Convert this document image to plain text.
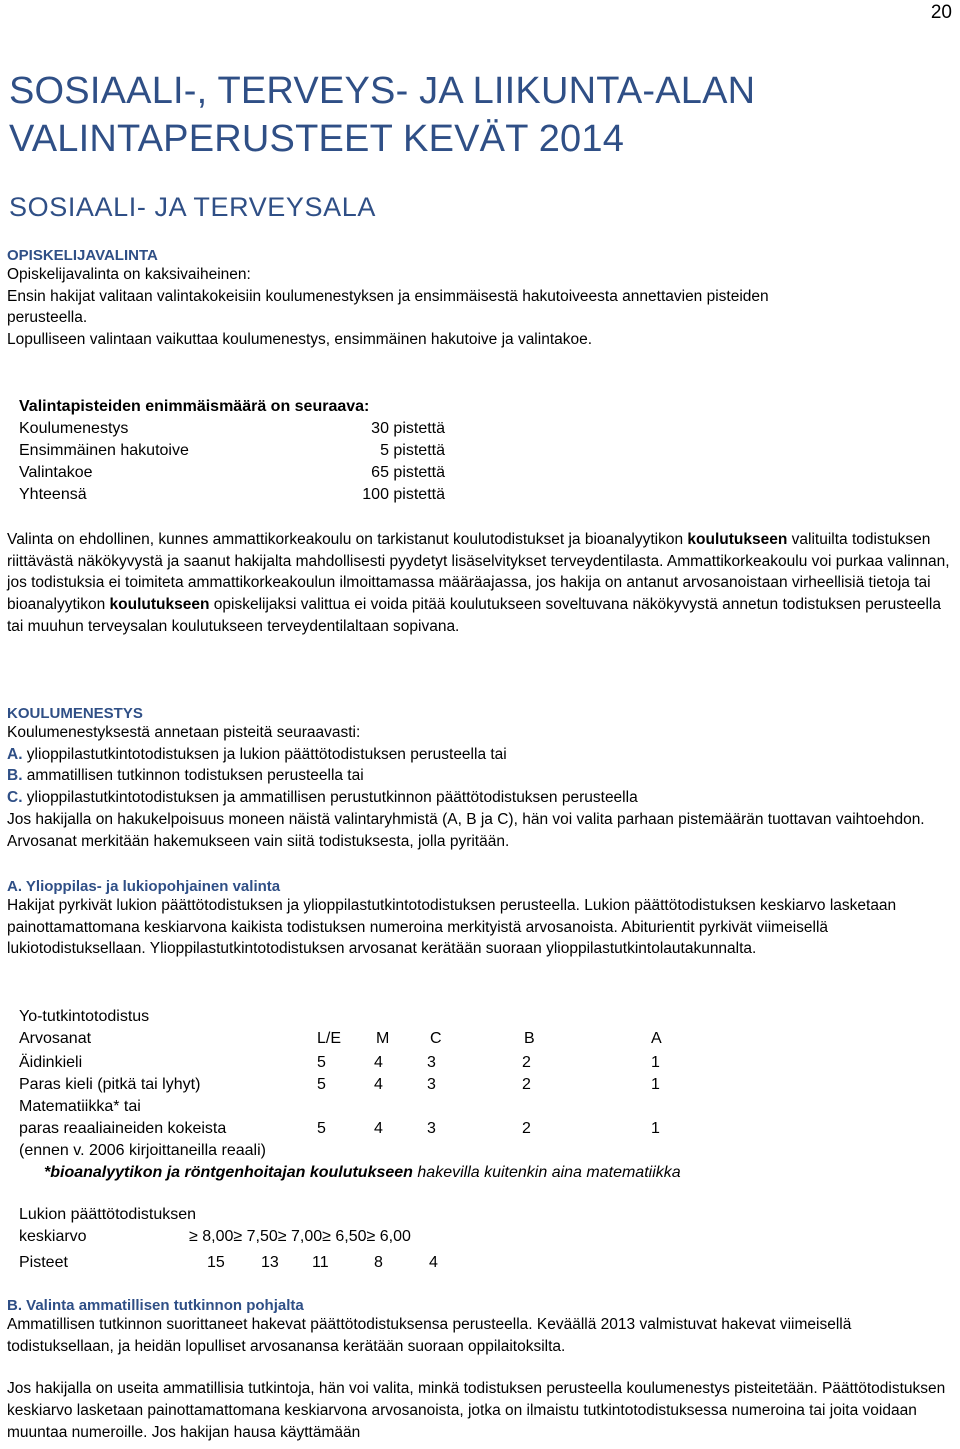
20
SOSIAALI-, TERVEYS- JA LIIKUNTA-ALAN
VALINTAPERUSTEET KEVÄT 2014
SOSIAALI- JA TERVEYSALA
OPISKELIJAVALINTA
Opiskelijavalinta on kaksivaiheinen:
Ensin hakijat valitaan valintakokeisiin koulumenestyksen ja ensimmäisestä hakutoiveesta annettavien pisteiden
perusteella.
Lopulliseen valintaan vaikuttaa koulumenestys, ensimmäinen hakutoive ja valintakoe.
Valintapisteiden enimmäismäärä on seuraava:
Koulumenestys	30 pistettä
Ensimmäinen hakutoive	5 pistettä
Valintakoe	65 pistettä
Yhteensä	100 pistettä
Valinta on ehdollinen, kunnes ammattikorkeakoulu on tarkistanut koulutodistukset ja bioanalyytikon koulutukseen valituilta todistuksen riittävästä näkökyvystä ja saanut hakijalta mahdollisesti pyydetyt lisäselvitykset terveydentilasta. Ammattikorkeakoulu voi purkaa valinnan, jos todistuksia ei toimiteta ammattikorkeakoulun ilmoittamassa määräajassa, jos hakija on antanut arvosanoistaan virheellisiä tietoja tai bioanalyytikon koulutukseen opiskelijaksi valittua ei voida pitää koulutukseen soveltuvana näkökyvystä annetun todistuksen perusteella tai muuhun terveysalan koulutukseen terveydentilaltaan sopivana.
KOULUMENESTYS
Koulumenestyksestä annetaan pisteitä seuraavasti:
A. ylioppilastutkintotodistuksen ja lukion päättötodistuksen perusteella tai
B. ammatillisen tutkinnon todistuksen perusteella tai
C. ylioppilastutkintotodistuksen ja ammatillisen perustutkinnon päättötodistuksen perusteella
Jos hakijalla on hakukelpoisuus moneen näistä valintaryhmistä (A, B ja C), hän voi valita parhaan pistemäärän tuottavan vaihtoehdon. Arvosanat merkitään hakemukseen vain siitä todistuksesta, jolla pyritään.
A. Ylioppilas- ja lukiopohjainen valinta
Hakijat pyrkivät lukion päättötodistuksen ja ylioppilastutkintotodistuksen perusteella. Lukion päättötodistuksen keskiarvo lasketaan painottamattomana keskiarvona kaikista todistuksen numeroina merkityistä arvosanoista. Abiturientit pyrkivät viimeisellä lukiotodistuksellaan. Ylioppilastutkintotodistuksen arvosanat kerätään suoraan ylioppilastutkintolautakunnalta.
Yo-tutkintotodistus
Arvosanat	L/E M	C	B	A
Äidinkieli	5	4	3	2	1
Paras kieli (pitkä tai lyhyt)	5	4	3	2	1
Matematiikka* tai
paras reaaliaineiden kokeista	5	4	3	2	1
(ennen v. 2006 kirjoittaneilla reaali)
*bioanalyytikon ja röntgenhoitajan koulutukseen hakevilla kuitenkin aina matematiikka
Lukion päättötodistuksen
keskiarvo	≥ 8,00≥ 7,50≥ 7,00≥ 6,50≥ 6,00
Pisteet	15 13 11	8	4
B. Valinta ammatillisen tutkinnon pohjalta
Ammatillisen tutkinnon suorittaneet hakevat päättötodistuksensa perusteella. Keväällä 2013 valmistuvat hakevat viimeisellä todistuksellaan, ja heidän lopulliset arvosanansa kerätään suoraan oppilaitoksilta.
Jos hakijalla on useita ammatillisia tutkintoja, hän voi valita, minkä todistuksen perusteella koulumenestys pisteitetään. Päättötodistuksen keskiarvo lasketaan painottamattomana keskiarvona arvosanoista, jotka on ilmaistu tutkintotodistuksessa numeroina tai joita voidaan muuntaa numeroille. Jos hakijan hausa käyttämään
